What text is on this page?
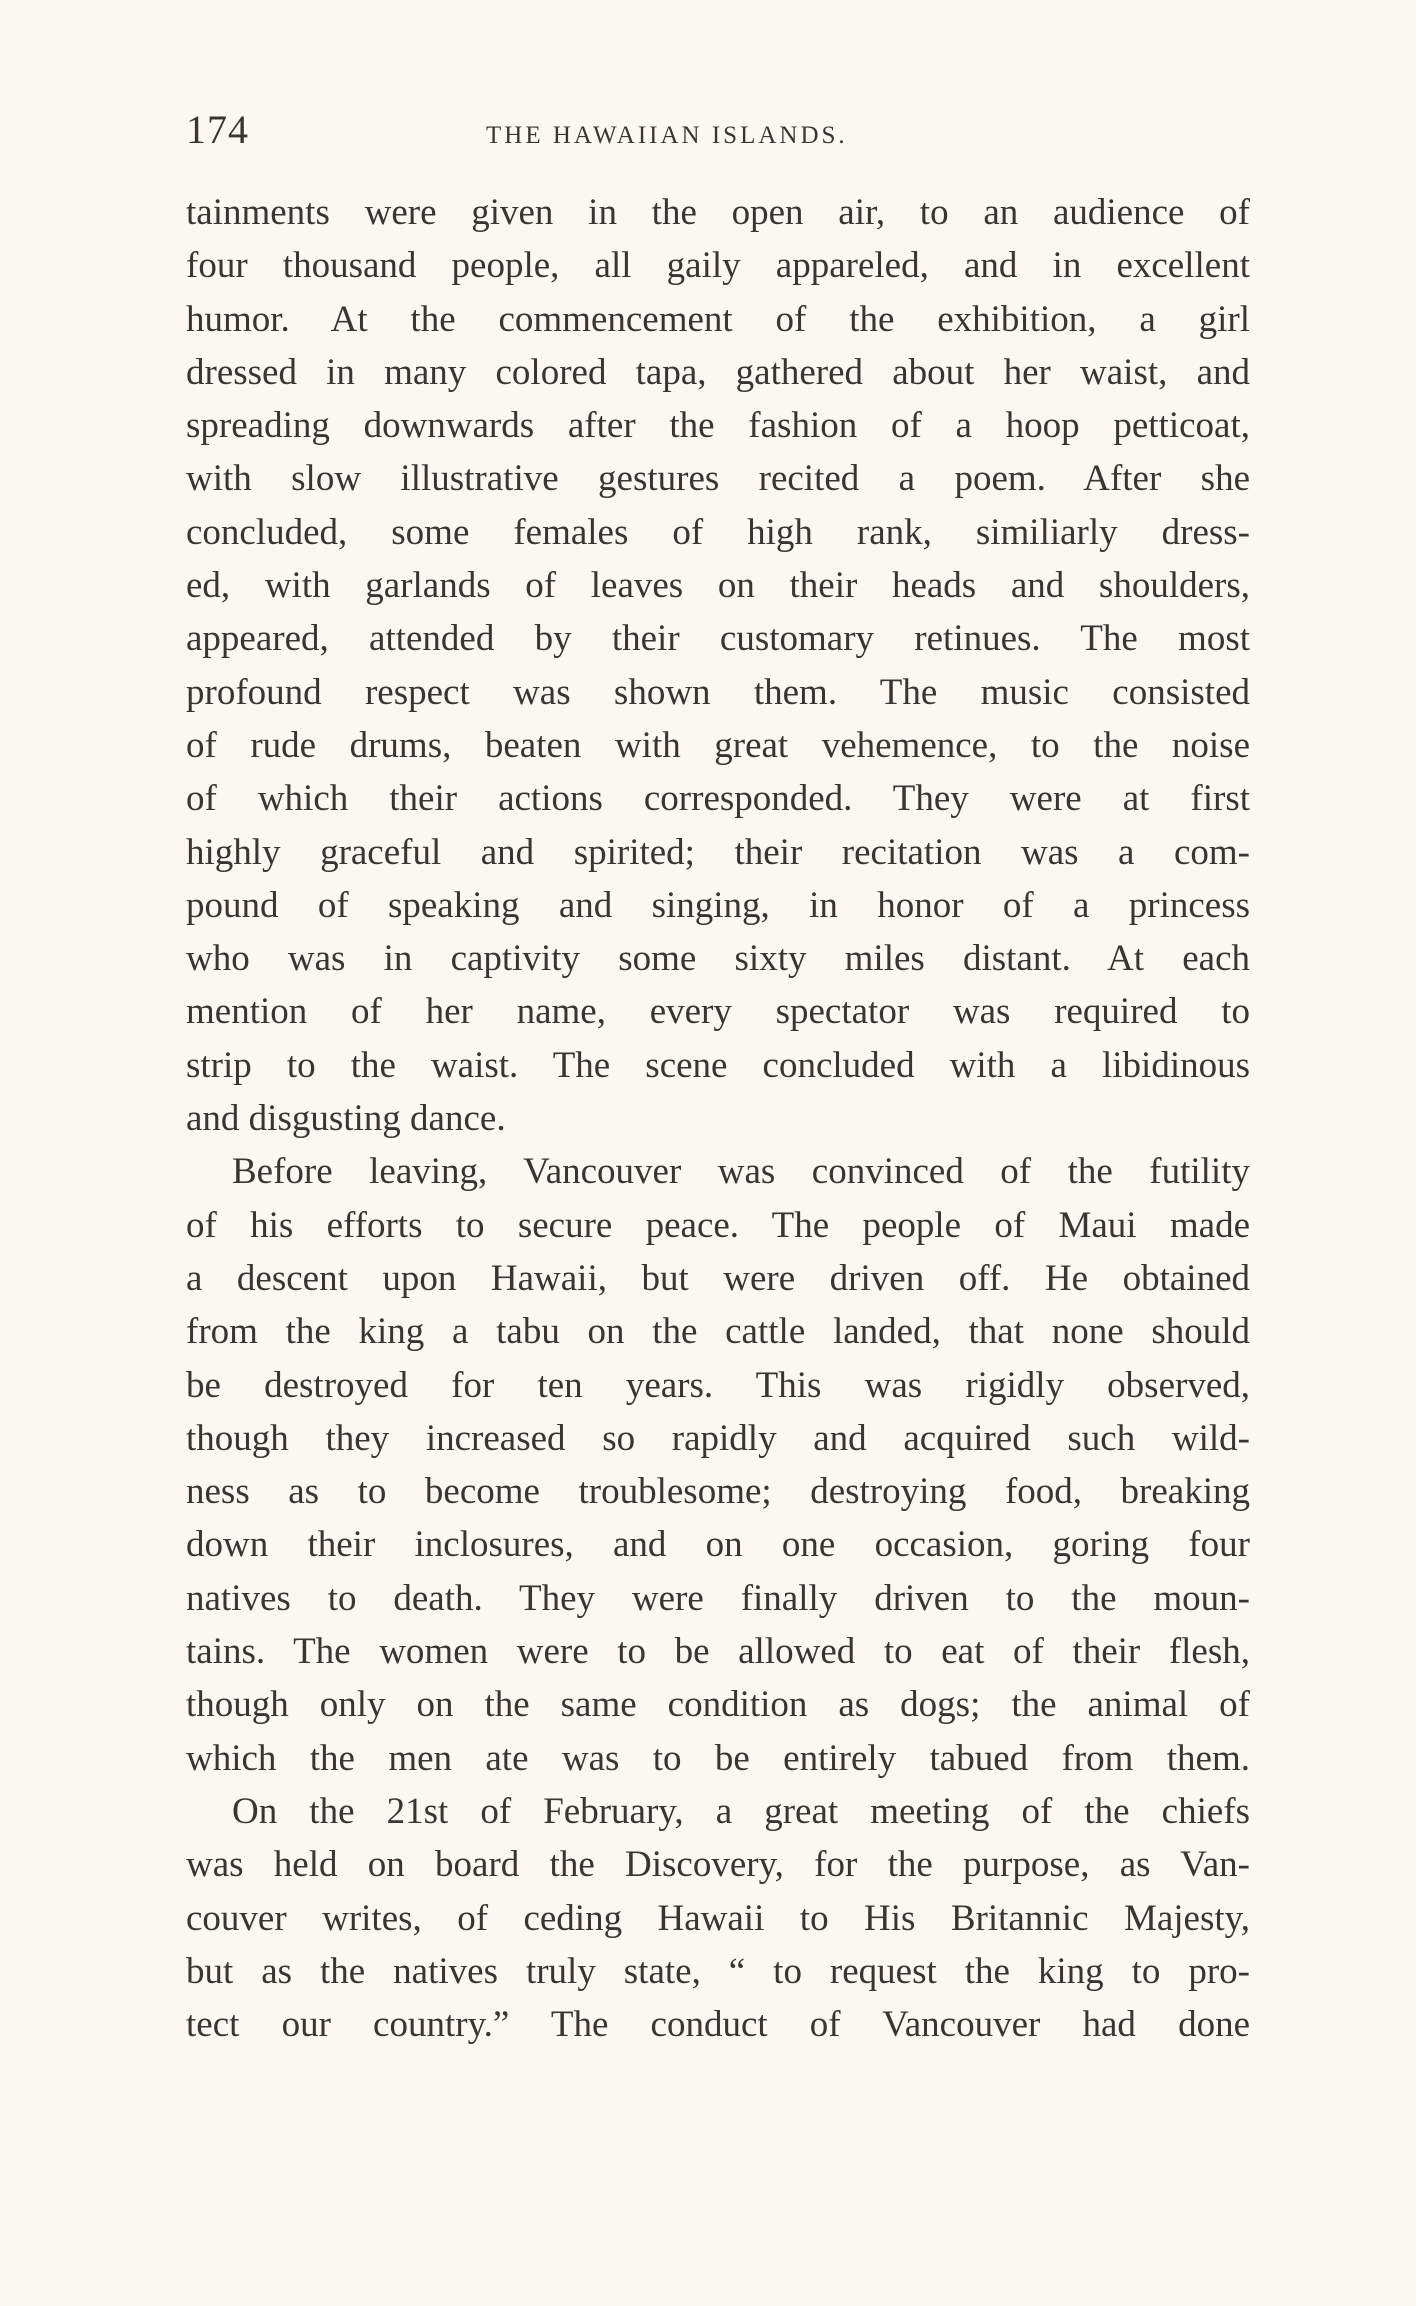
174	THE HAWAIIAN ISLANDS.
tainments were given in the open air, to an audience of
four thousand people, all gaily appareled, and in excellent
humor. At the commencement of the exhibition, a girl
dressed in many colored tapa, gathered about her waist, and
spreading downwards after the fashion of a hoop petticoat,
with slow illustrative gestures recited a poem. After she
concluded, some females of high rank, similiarly dress-
ed, with garlands of leaves on their heads and shoulders,
appeared, attended by their customary retinues. The most
profound respect was shown them. The music consisted
of rude drums, beaten with great vehemence, to the noise
of which their actions corresponded. They were at first
highly graceful and spirited; their recitation was a com-
pound of speaking and singing, in honor of a princess
who was in captivity some sixty miles distant. At each
mention of her name, every spectator was required to
strip to the waist. The scene concluded with a libidinous
and disgusting dance.
Before leaving, Vancouver was convinced of the futility
of his efforts to secure peace. The people of Maui made
a descent upon Hawaii, but were driven off. He obtained
from the king a tabu on the cattle landed, that none should
be destroyed for ten years. This was rigidly observed,
though they increased so rapidly and acquired such wild-
ness as to become troublesome; destroying food, breaking
down their inclosures, and on one occasion, goring four
natives to death. They were finally driven to the moun-
tains. The women were to be allowed to eat of their flesh,
though only on the same condition as dogs; the animal of
which the men ate was to be entirely tabued from them.
On the 21st of February, a great meeting of the chiefs
was held on board the Discovery, for the purpose, as Van-
couver writes, of ceding Hawaii to His Britannic Majesty,
but as the natives truly state, “ to request the king to pro-
tect our country.” The conduct of Vancouver had done
